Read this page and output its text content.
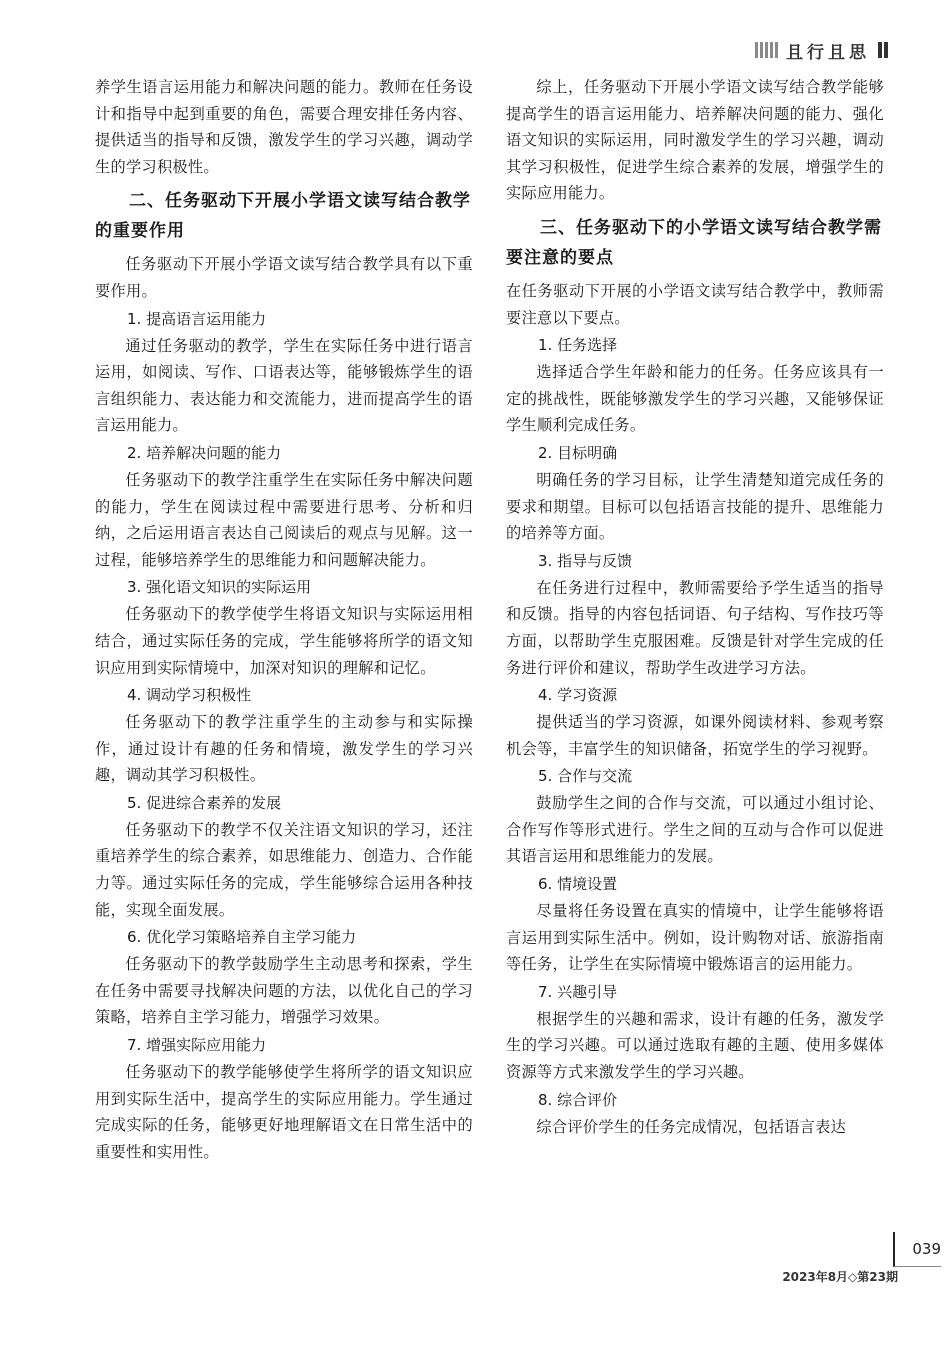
且行且思

养学生语言运用能力和解决问题的能力。教师在任务设计和指导中起到重要的角色，需要合理安排任务内容、提供适当的指导和反馈，激发学生的学习兴趣，调动学生的学习积极性。

二、任务驱动下开展小学语文读写结合教学的重要作用

任务驱动下开展小学语文读写结合教学具有以下重要作用。

1. 提高语言运用能力

通过任务驱动的教学，学生在实际任务中进行语言运用，如阅读、写作、口语表达等，能够锻炼学生的语言组织能力、表达能力和交流能力，进而提高学生的语言运用能力。

2. 培养解决问题的能力

任务驱动下的教学注重学生在实际任务中解决问题的能力，学生在阅读过程中需要进行思考、分析和归纳，之后运用语言表达自己阅读后的观点与见解。这一过程，能够培养学生的思维能力和问题解决能力。

3. 强化语文知识的实际运用

任务驱动下的教学使学生将语文知识与实际运用相结合，通过实际任务的完成，学生能够将所学的语文知识应用到实际情境中，加深对知识的理解和记忆。

4. 调动学习积极性

任务驱动下的教学注重学生的主动参与和实际操作，通过设计有趣的任务和情境，激发学生的学习兴趣，调动其学习积极性。

5. 促进综合素养的发展

任务驱动下的教学不仅关注语文知识的学习，还注重培养学生的综合素养，如思维能力、创造力、合作能力等。通过实际任务的完成，学生能够综合运用各种技能，实现全面发展。

6. 优化学习策略培养自主学习能力

任务驱动下的教学鼓励学生主动思考和探索，学生在任务中需要寻找解决问题的方法，以优化自己的学习策略，培养自主学习能力，增强学习效果。

7. 增强实际应用能力

任务驱动下的教学能够使学生将所学的语文知识应用到实际生活中，提高学生的实际应用能力。学生通过完成实际的任务，能够更好地理解语文在日常生活中的重要性和实用性。

综上，任务驱动下开展小学语文读写结合教学能够提高学生的语言运用能力、培养解决问题的能力、强化语文知识的实际运用，同时激发学生的学习兴趣，调动其学习积极性，促进学生综合素养的发展，增强学生的实际应用能力。

三、任务驱动下的小学语文读写结合教学需要注意的要点

在任务驱动下开展的小学语文读写结合教学中，教师需要注意以下要点。

1. 任务选择

选择适合学生年龄和能力的任务。任务应该具有一定的挑战性，既能够激发学生的学习兴趣，又能够保证学生顺利完成任务。

2. 目标明确

明确任务的学习目标，让学生清楚知道完成任务的要求和期望。目标可以包括语言技能的提升、思维能力的培养等方面。

3. 指导与反馈

在任务进行过程中，教师需要给予学生适当的指导和反馈。指导的内容包括词语、句子结构、写作技巧等方面，以帮助学生克服困难。反馈是针对学生完成的任务进行评价和建议，帮助学生改进学习方法。

4. 学习资源

提供适当的学习资源，如课外阅读材料、参观考察机会等，丰富学生的知识储备，拓宽学生的学习视野。

5. 合作与交流

鼓励学生之间的合作与交流，可以通过小组讨论、合作写作等形式进行。学生之间的互动与合作可以促进其语言运用和思维能力的发展。

6. 情境设置

尽量将任务设置在真实的情境中，让学生能够将语言运用到实际生活中。例如，设计购物对话、旅游指南等任务，让学生在实际情境中锻炼语言的运用能力。

7. 兴趣引导

根据学生的兴趣和需求，设计有趣的任务，激发学生的学习兴趣。可以通过选取有趣的主题、使用多媒体资源等方式来激发学生的学习兴趣。

8. 综合评价

综合评价学生的任务完成情况，包括语言表达

039
2023年8月◇第23期
